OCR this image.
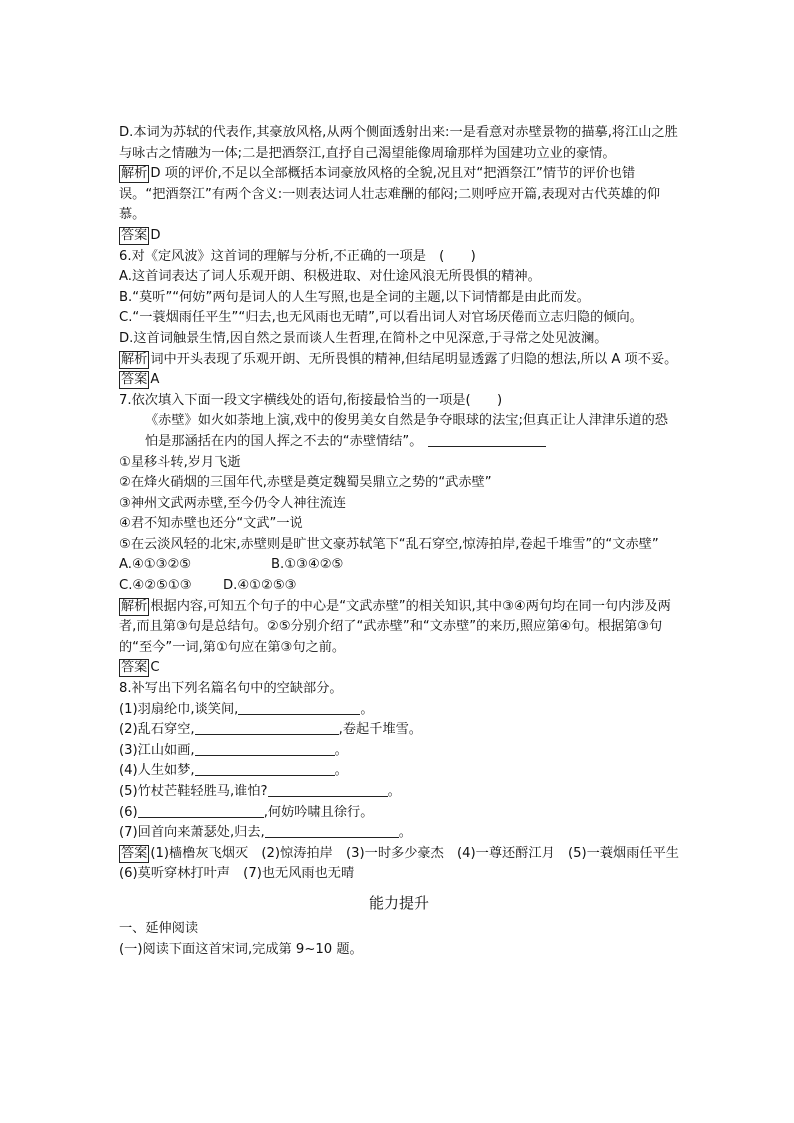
D.本词为苏轼的代表作,其豪放风格,从两个侧面透射出来:一是看意对赤壁景物的描摹,将江山之胜与咏古之情融为一体;二是把酒祭江,直抒自己渴望能像周瑜那样为国建功立业的豪情。
解析 D 项的评价,不足以全部概括本词豪放风格的全貌,况且对“把酒祭江”情节的评价也错误。“把酒祭江”有两个含义:一则表达词人壮志难酬的郁闷;二则呼应开篇,表现对古代英雄的仰慕。
答案 D
6.对《定风波》这首词的理解与分析,不正确的一项是　(　　)
A.这首词表达了词人乐观开朗、积极进取、对仕途风浪无所畏惧的精神。
B.“莫听”“何妨”两句是词人的人生写照,也是全词的主题,以下词情都是由此而发。
C.“一蓑烟雨任平生”“归去,也无风雨也无晴”,可以看出词人对官场厌倦而立志归隐的倾向。
D.这首词触景生情,因自然之景而谈人生哲理,在简朴之中见深意,于寻常之处见波澜。
解析 词中开头表现了乐观开朗、无所畏惧的精神,但结尾明显透露了归隐的想法,所以 A 项不妥。
答案 A
7.依次填入下面一段文字横线处的语句,衔接最恰当的一项是(　　)
《赤壁》如火如荼地上演,戏中的俊男美女自然是争夺眼球的法宝;但真正让人津津乐道的恐怕是那涵括在内的国人挥之不去的“赤壁情结”。
①星移斗转,岁月飞逝
②在烽火硝烟的三国年代,赤壁是奠定魏蜀吴鼎立之势的“武赤壁”
③神州文武两赤壁,至今仍令人神往流连
④君不知赤壁也还分“文武”一说
⑤在云淡风轻的北宋,赤壁则是旷世文豪苏轼笔下“乱石穿空,惊涛拍岸,卷起千堆雪”的“文赤壁”
A.④①③②⑤	B.①③④②⑤
C.④②⑤①③ D.④①②⑤③
解析 根据内容,可知五个句子的中心是“文武赤壁”的相关知识,其中③④两句均在同一句内涉及两者,而且第③句是总结句。②⑤分别介绍了“武赤壁”和“文赤壁”的来历,照应第④句。根据第③句的“至今”一词,第①句应在第③句之前。
答案 C
8.补写出下列名篇名句中的空缺部分。
(1)羽扇纶巾,谈笑间,	。
(2)乱石穿空,	,卷起千堆雪。
(3)江山如画,	。
(4)人生如梦,	。
(5)竹杖芒鞋轻胜马,谁怕?	。
(6)	,何妨吟啸且徐行。
(7)回首向来萧瑟处,归去,	。
答案 (1)樯橹灰飞烟灭　(2)惊涛拍岸　(3)一时多少豪杰　(4)一尊还酹江月　(5)一蓑烟雨任平生　(6)莫听穿林打叶声　(7)也无风雨也无晴
能力提升
一、延伸阅读
(一)阅读下面这首宋词,完成第 9~10 题。
